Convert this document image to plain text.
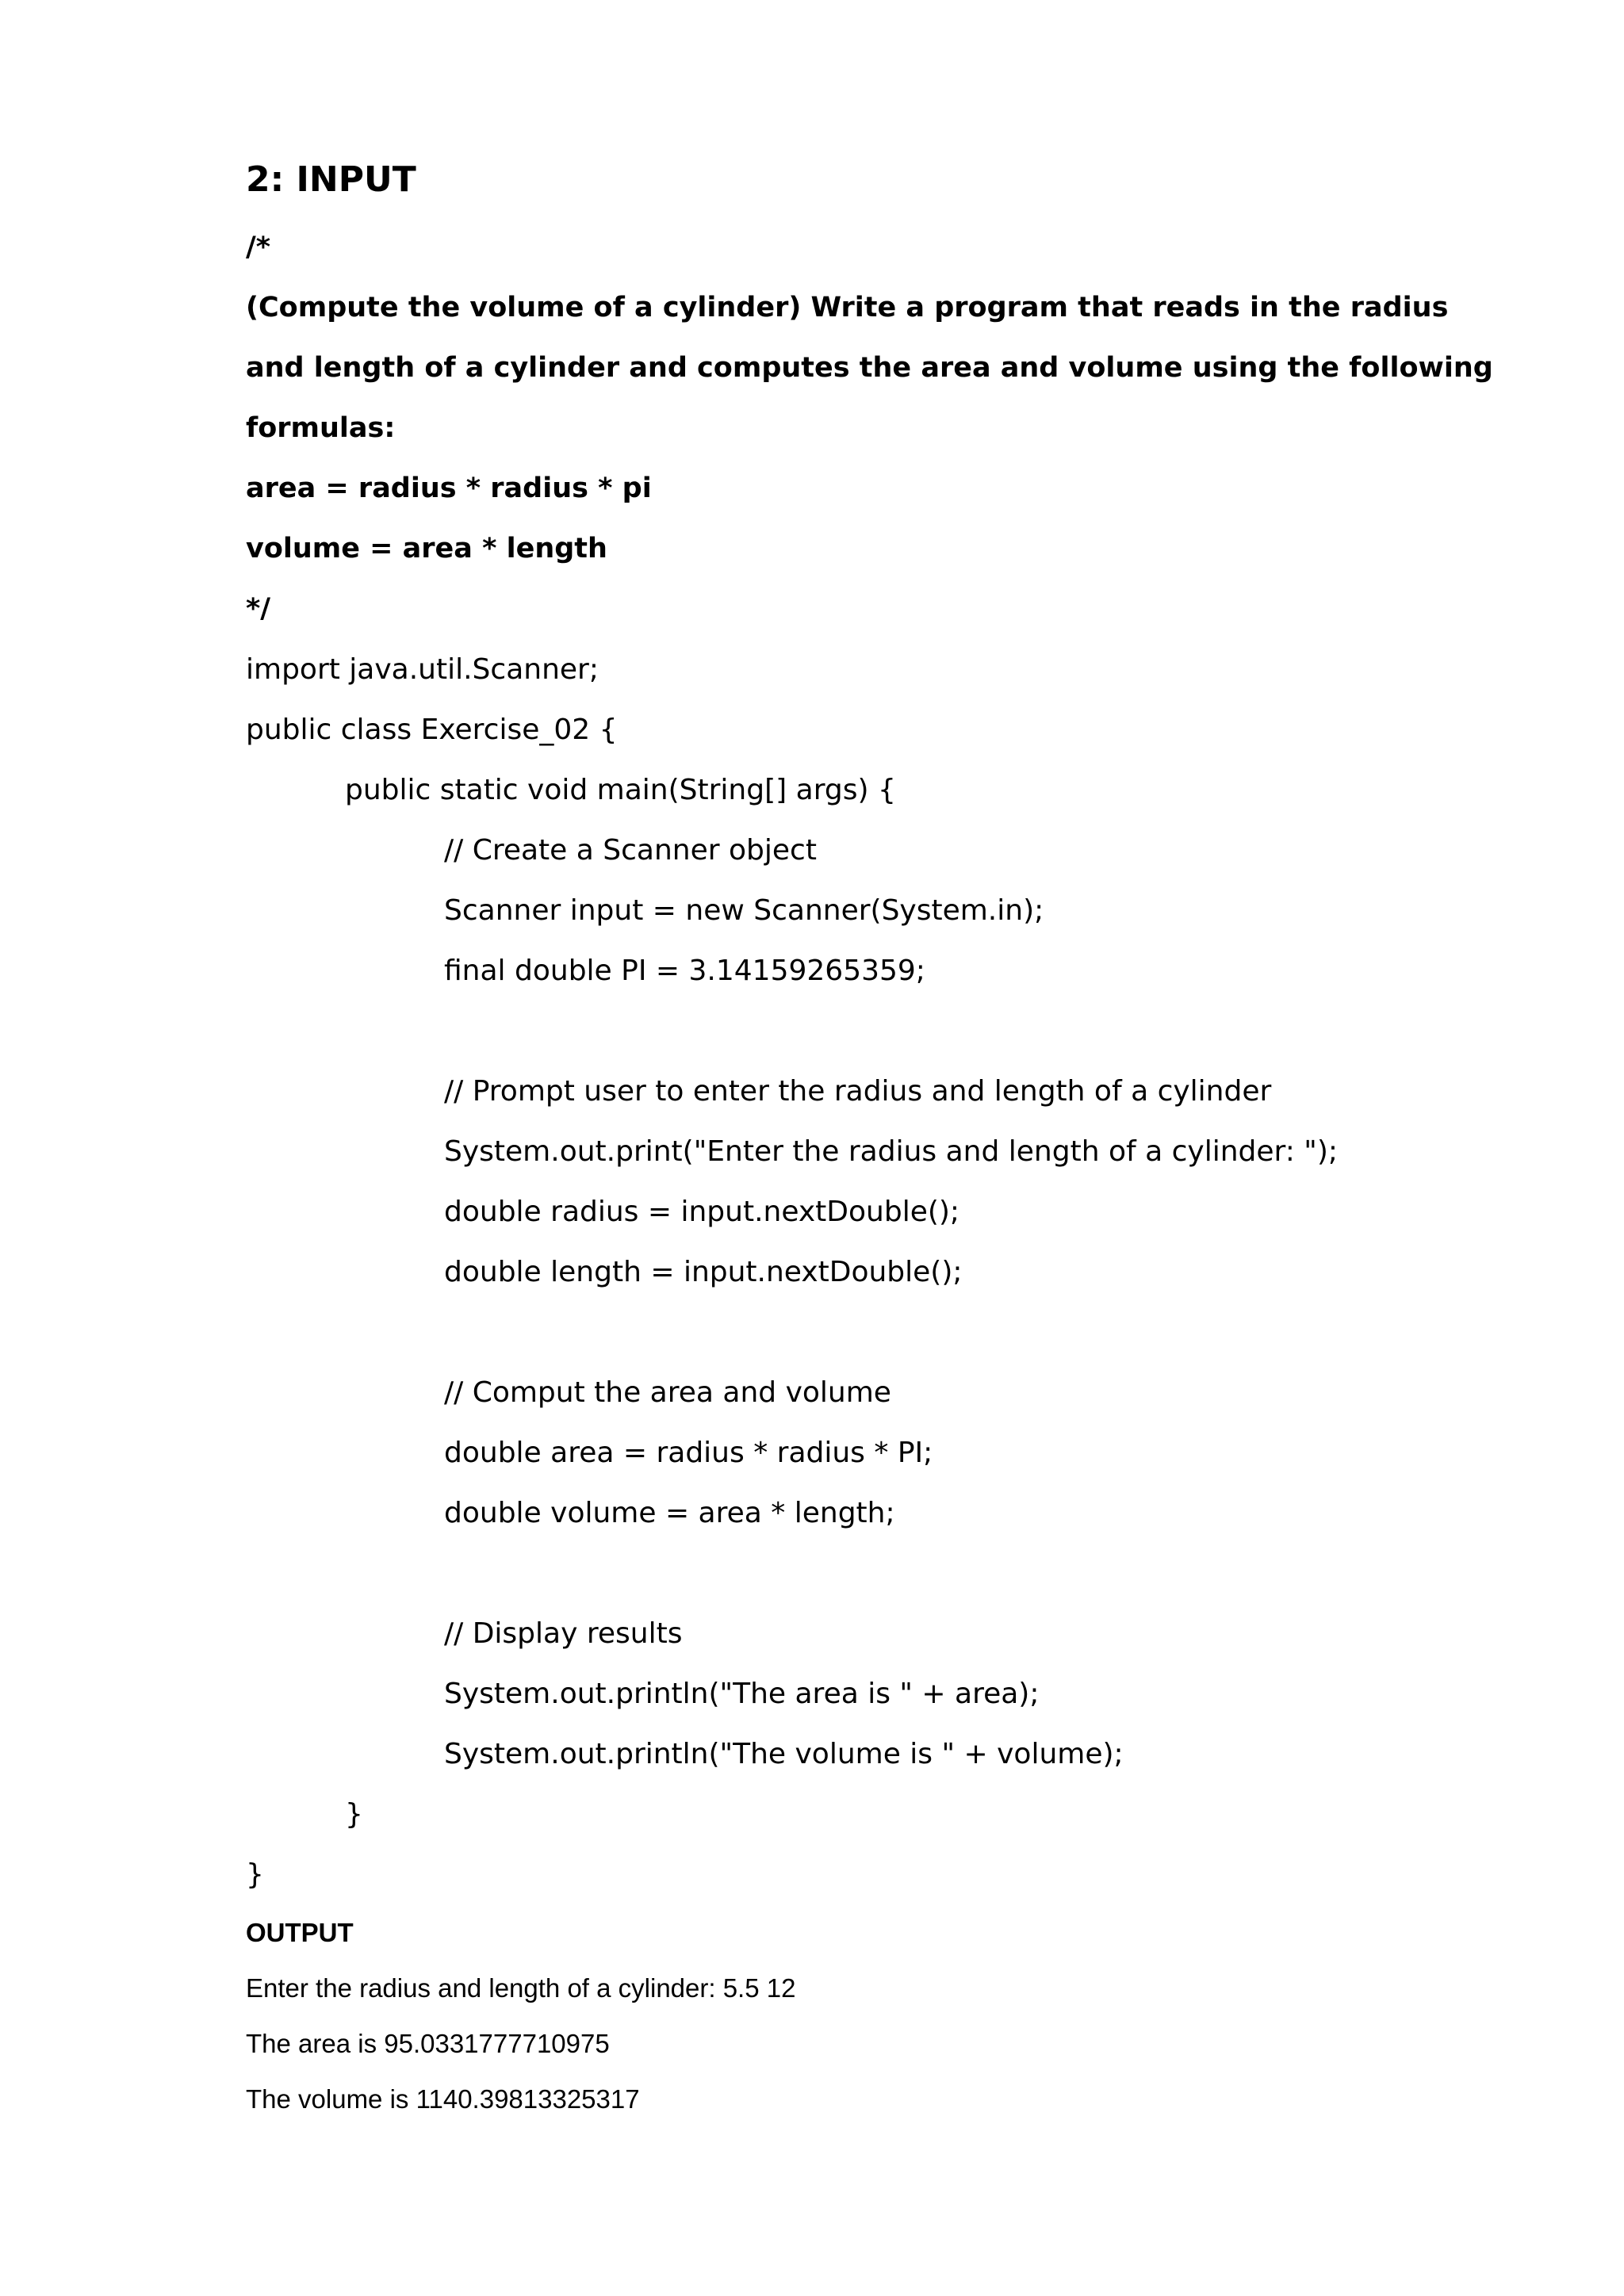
2: INPUT
/*
(Compute the volume of a cylinder) Write a program that reads in the radius
and length of a cylinder and computes the area and volume using the following
formulas:
area = radius * radius * pi
volume = area * length
*/
import java.util.Scanner;
public class Exercise_02 {
public static void main(String[] args) {
// Create a Scanner object
Scanner input = new Scanner(System.in);
final double PI = 3.14159265359;
// Prompt user to enter the radius and length of a cylinder
System.out.print("Enter the radius and length of a cylinder: ");
double radius = input.nextDouble();
double length = input.nextDouble();
// Comput the area and volume
double area = radius * radius * PI;
double volume = area * length;
// Display results
System.out.println("The area is " + area);
System.out.println("The volume is " + volume);
}
}
OUTPUT
Enter the radius and length of a cylinder: 5.5 12
The area is 95.0331777710975
The volume is 1140.39813325317
